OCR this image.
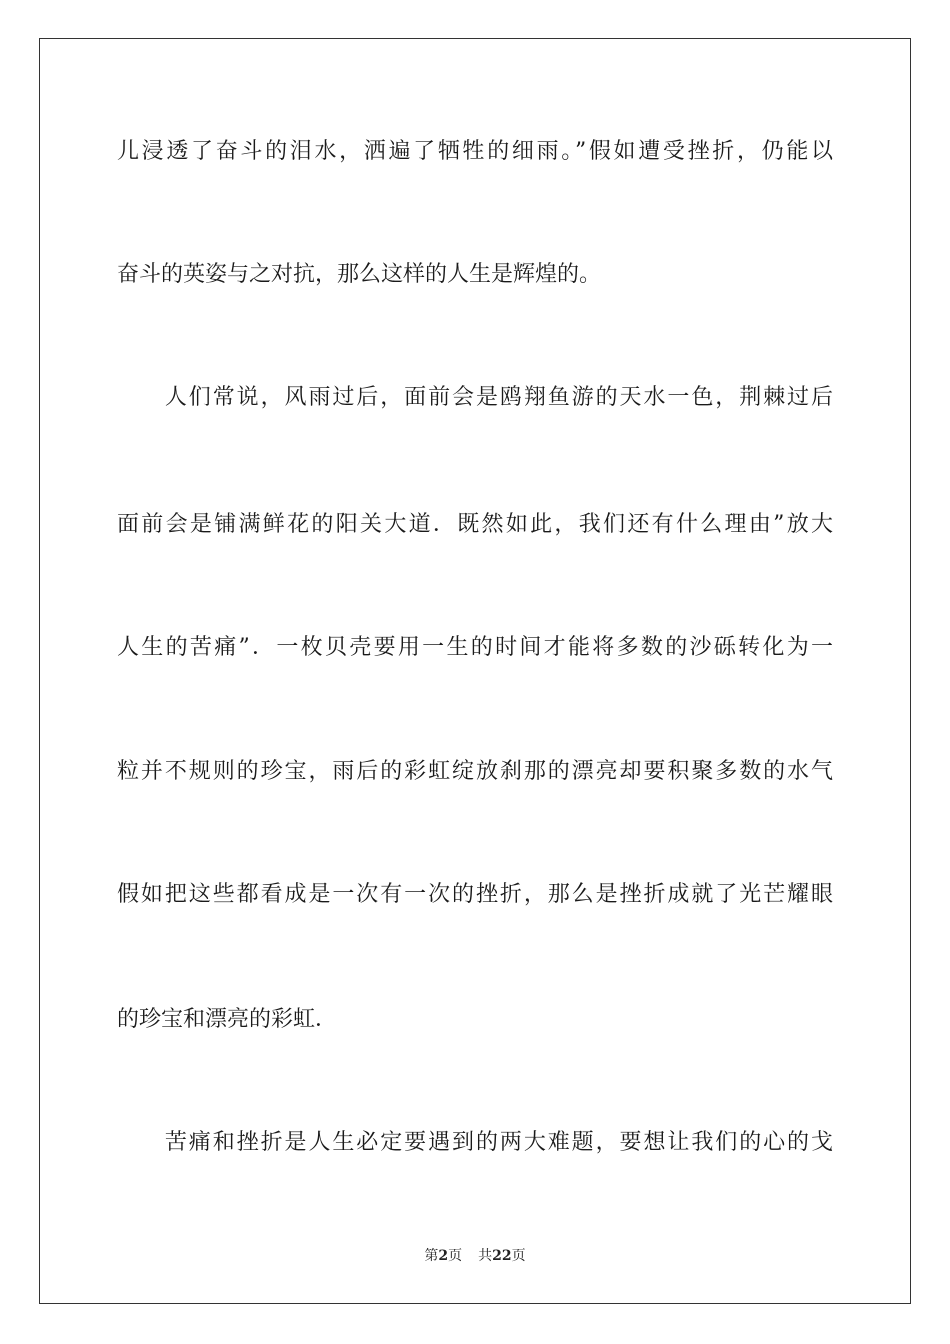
儿浸透了奋斗的泪水，洒遍了牺牲的细雨。”假如遭受挫折，仍能以
奋斗的英姿与之对抗，那么这样的人生是辉煌的。
　　人们常说，风雨过后，面前会是鸥翔鱼游的天水一色，荆棘过后
面前会是铺满鲜花的阳关大道．既然如此，我们还有什么理由”放大
人生的苦痛”．一枚贝壳要用一生的时间才能将多数的沙砾转化为一
粒并不规则的珍宝，雨后的彩虹绽放刹那的漂亮却要积聚多数的水气
假如把这些都看成是一次有一次的挫折，那么是挫折成就了光芒耀眼
的珍宝和漂亮的彩虹．
　　苦痛和挫折是人生必定要遇到的两大难题，要想让我们的心的戈
第2页 共22页
